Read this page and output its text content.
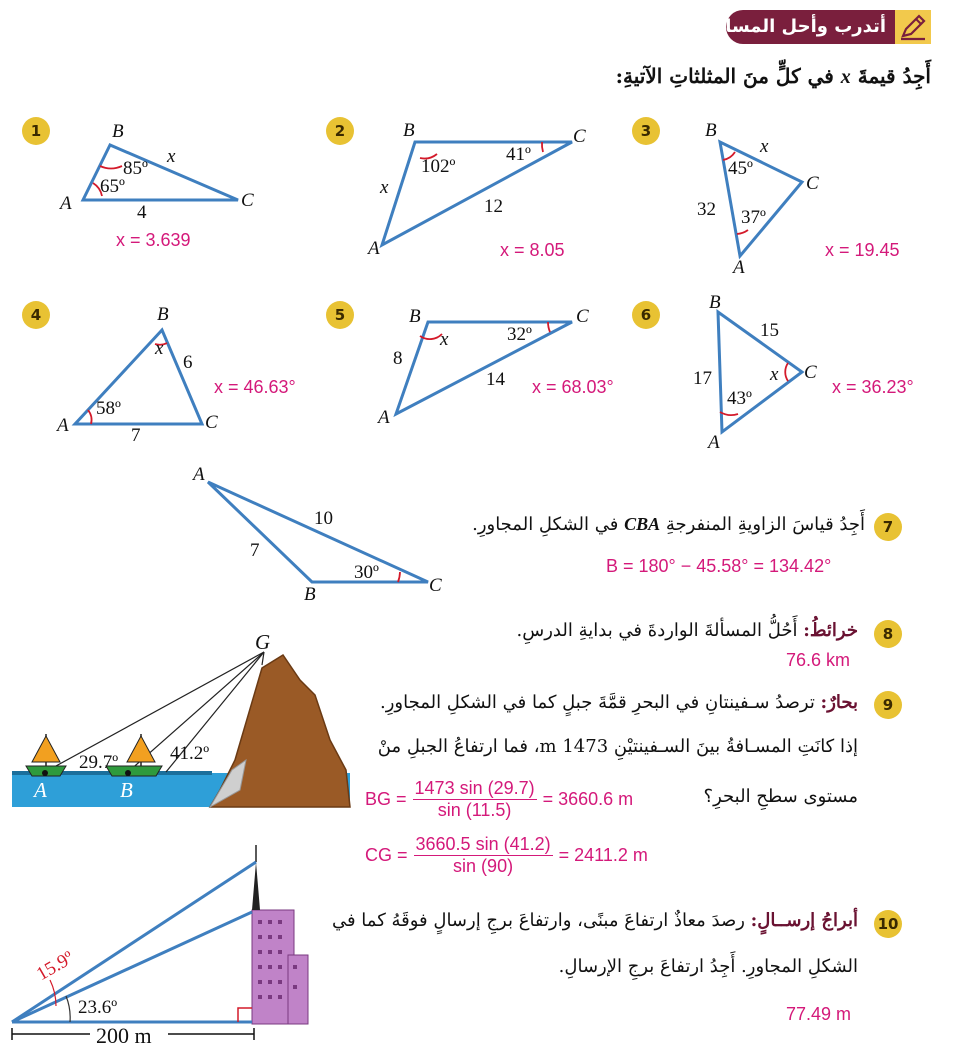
أتدرب وأحل المسائل
أَجِدُ قيمةَ x في كلٍّ منَ المثلثاتِ الآتيةِ:
1	B
A	C
85º
65º
4
x
x = 3.639
2	B	C
A
102º
41º
x
12
x = 8.05
3	B
C
A
45º
37º
x
32
x = 19.45
4	B
A	C
x
58º
6
7
x = 46.63°
5	B	C
A
x	32º
8
14 x = 68.03°
6
B
C
A
15
17	x
43º
x = 36.23°
A
B	C
10
7
30º
7
أَجِدُ قياسَ الزاويةِ المنفرجةِ CBA في الشكلِ المجاورِ.
B = 180° − 45.58° = 134.42°
8
خرائطُ: أَحُلُّ المسألةَ الواردةَ في بدايةِ الدرسِ.
76.6 km
G
A	B
29.7º	41.2º
9
بحارٌ: ترصدُ سـفينتانِ في البحرِ قمَّةَ جبلٍ كما في الشكلِ المجاورِ.
إذا كانَتِ المسـافةُ بينَ السـفينتيْنِ 1473 m، فما ارتفاعُ الجبلِ منْ
مستوى سطحِ البحرِ؟
BG = $\frac{1473 \sin (29.7)}{\sin (11.5)} = 3660.6$ m
CG = $\frac{3660.5 \sin (41.2)}{\sin (90)} = 2411.2$ m
15.9º
23.6º
200 m
10
أبراجُ إرســالٍ: رصدَ معاذٌ ارتفاعَ مبنًى، وارتفاعَ برجِ إرسالٍ فوقَهُ كما في
الشكلِ المجاورِ. أَجِدُ ارتفاعَ برجِ الإرسالِ.
77.49 m
